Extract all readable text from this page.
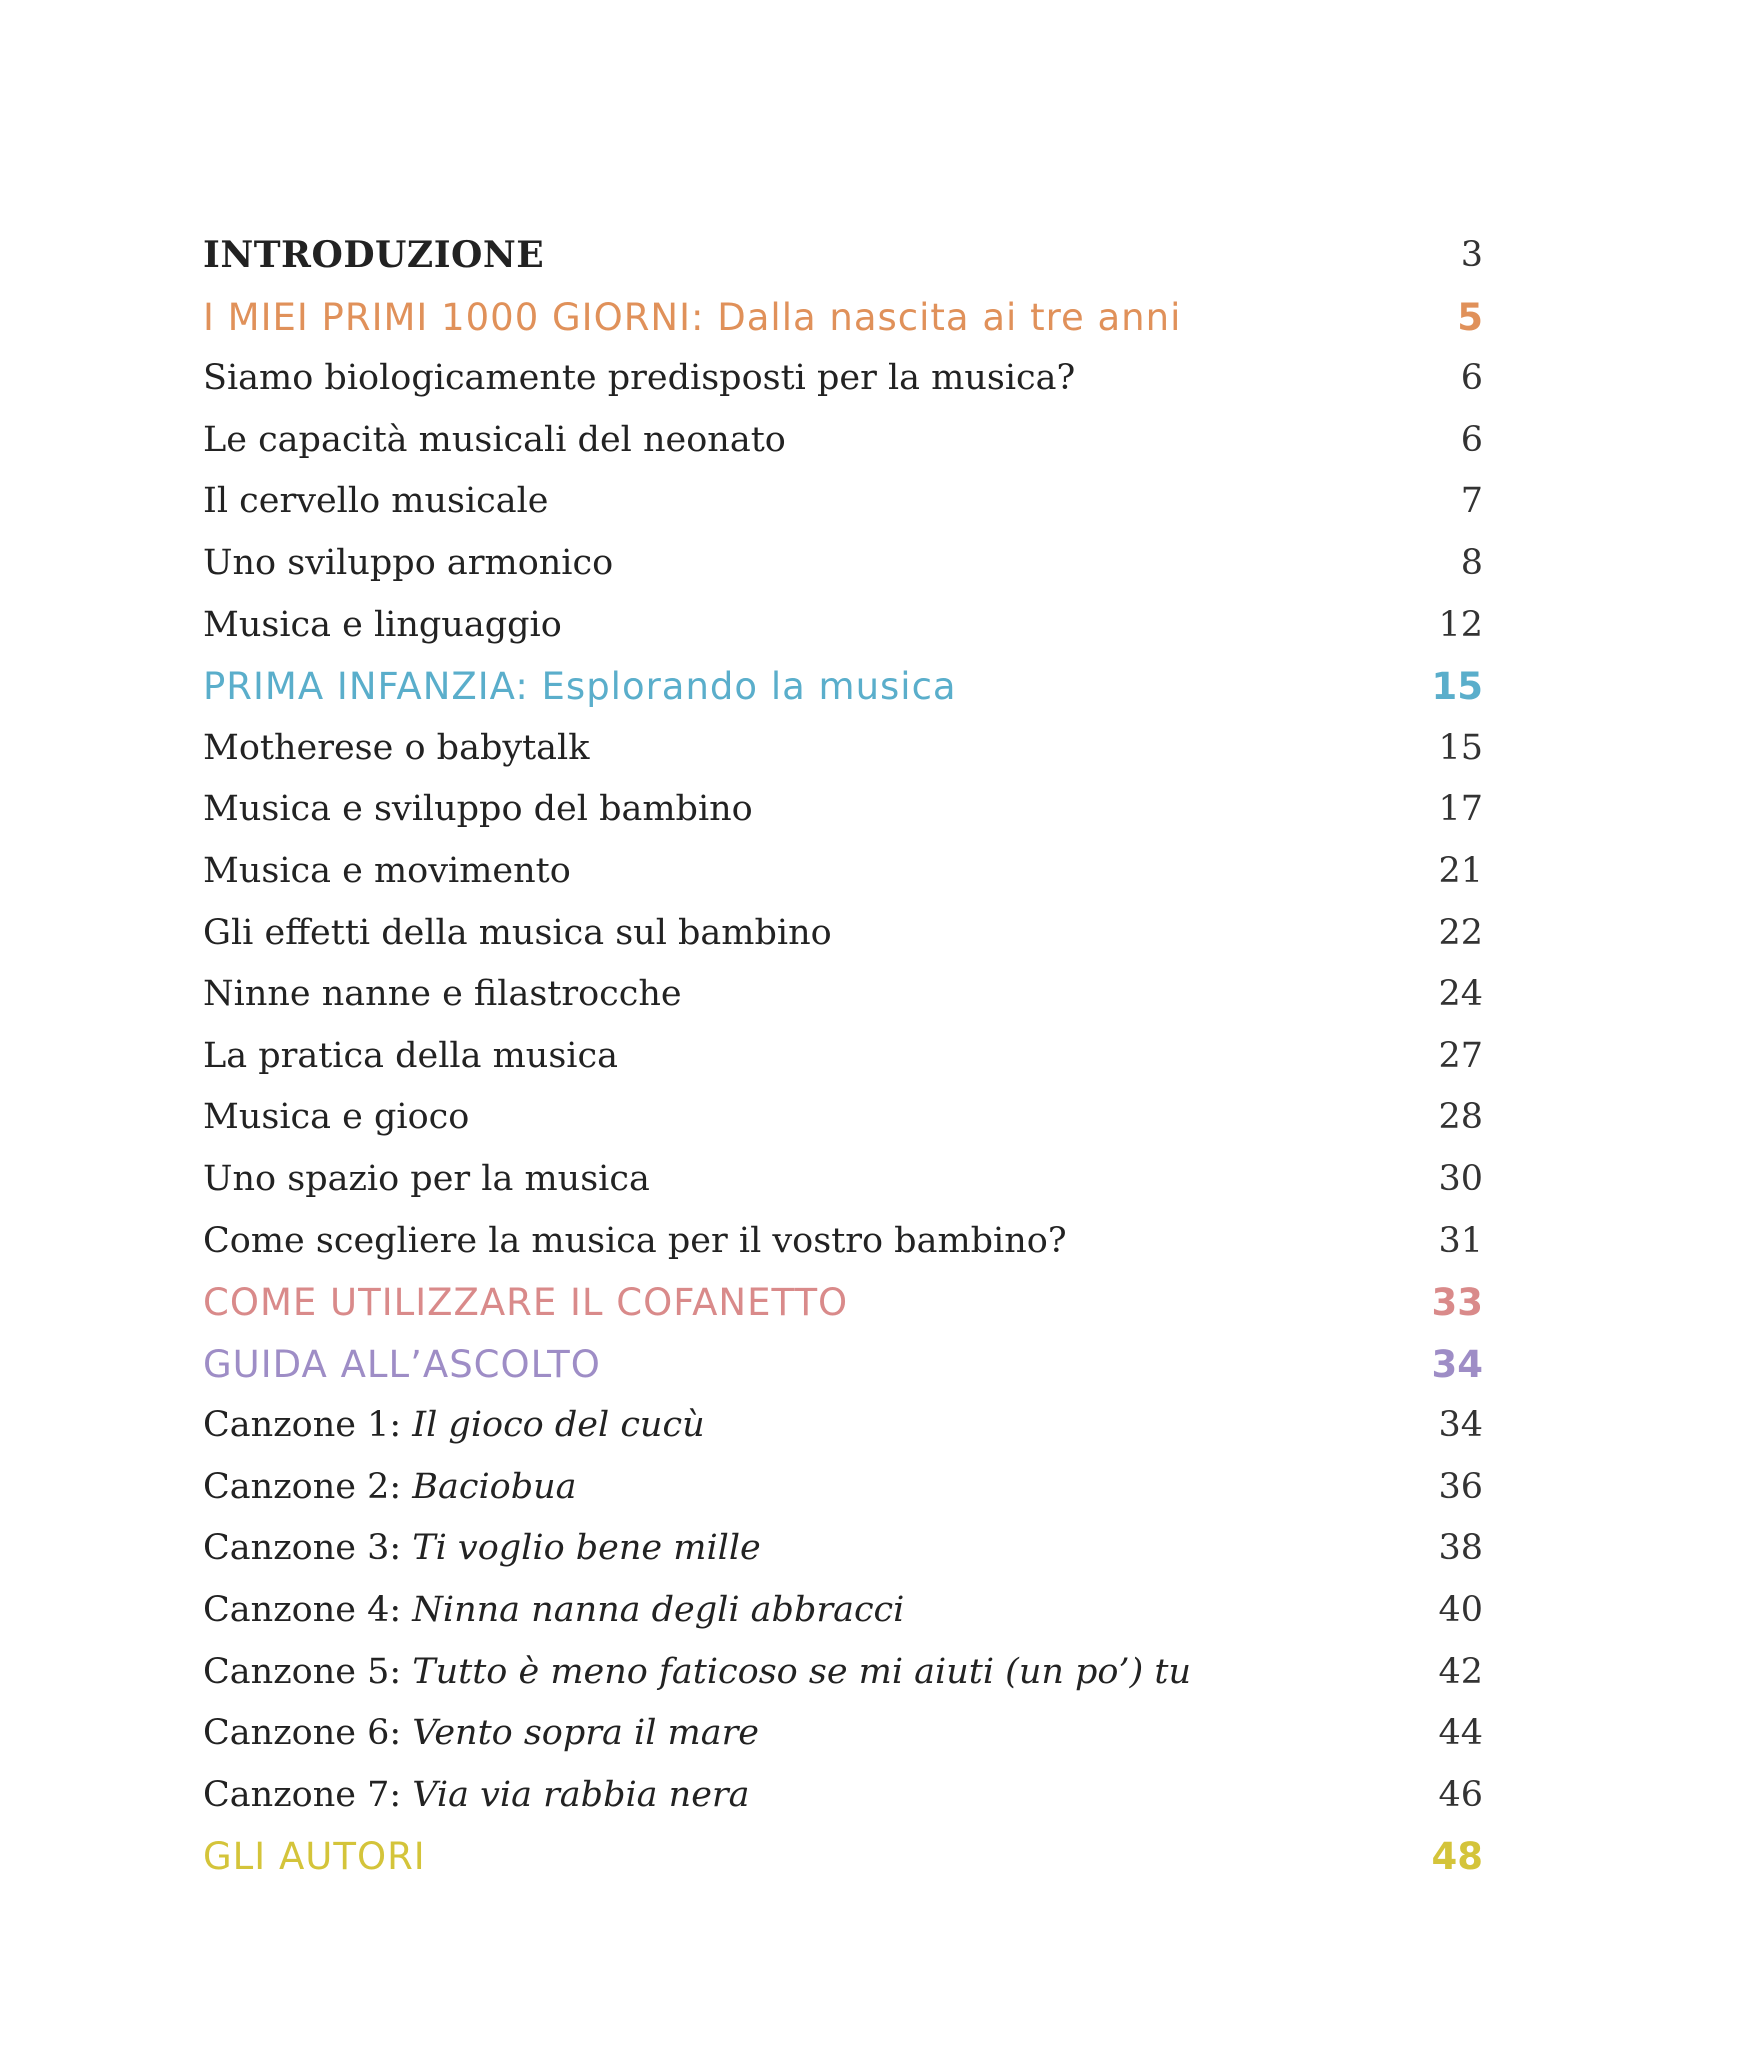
INTRODUZIONE	3
I MIEI PRIMI 1000 GIORNI: Dalla nascita ai tre anni	5
Siamo biologicamente predisposti per la musica?	6
Le capacità musicali del neonato	6
Il cervello musicale	7
Uno sviluppo armonico	8
Musica e linguaggio	12
PRIMA INFANZIA: Esplorando la musica	15
Motherese o babytalk	15
Musica e sviluppo del bambino	17
Musica e movimento	21
Gli effetti della musica sul bambino	22
Ninne nanne e filastrocche	24
La pratica della musica	27
Musica e gioco	28
Uno spazio per la musica	30
Come scegliere la musica per il vostro bambino?	31
COME UTILIZZARE IL COFANETTO	33
GUIDA ALL’ASCOLTO	34
Canzone 1: Il gioco del cucù	34
Canzone 2: Baciobua	36
Canzone 3: Ti voglio bene mille	38
Canzone 4: Ninna nanna degli abbracci	40
Canzone 5: Tutto è meno faticoso se mi aiuti (un po’) tu	42
Canzone 6: Vento sopra il mare	44
Canzone 7: Via via rabbia nera	46
GLI AUTORI	48
